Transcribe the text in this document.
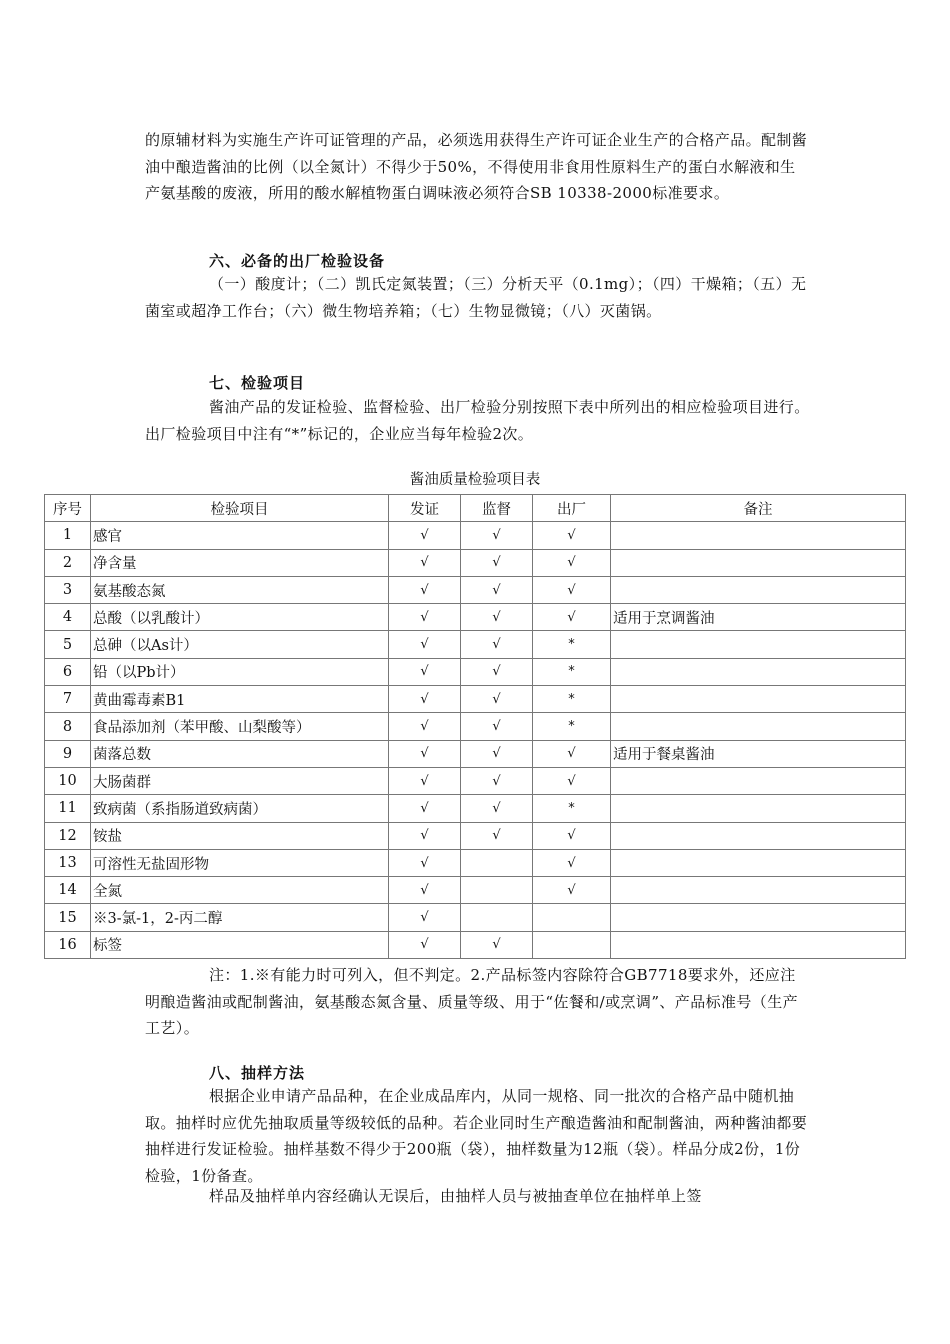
的原辅材料为实施生产许可证管理的产品，必须选用获得生产许可证企业生产的合格产品。配制酱油中酿造酱油的比例（以全氮计）不得少于50%，不得使用非食用性原料生产的蛋白水解液和生产氨基酸的废液，所用的酸水解植物蛋白调味液必须符合SB 10338-2000标准要求。

六、必备的出厂检验设备

（一）酸度计；（二）凯氏定氮装置；（三）分析天平（0.1mg）；（四）干燥箱；（五）无菌室或超净工作台；（六）微生物培养箱；（七）生物显微镜；（八）灭菌锅。

七、检验项目

酱油产品的发证检验、监督检验、出厂检验分别按照下表中所列出的相应检验项目进行。出厂检验项目中注有“*”标记的，企业应当每年检验2次。

酱油质量检验项目表

序号	检验项目	发证	监督	出厂	备注
1	感官	√	√	√	
2	净含量	√	√	√	
3	氨基酸态氮	√	√	√	
4	总酸（以乳酸计）	√	√	√	适用于烹调酱油
5	总砷（以As计）	√	√	*	
6	铅（以Pb计）	√	√	*	
7	黄曲霉毒素B1	√	√	*	
8	食品添加剂（苯甲酸、山梨酸等）	√	√	*	
9	菌落总数	√	√	√	适用于餐桌酱油
10	大肠菌群	√	√	√	
11	致病菌（系指肠道致病菌）	√	√	*	
12	铵盐	√	√	√	
13	可溶性无盐固形物	√		√	
14	全氮	√		√	
15	※3-氯-1，2-丙二醇	√			
16	标签	√	√		

注：1.※有能力时可列入，但不判定。2.产品标签内容除符合GB7718要求外，还应注明酿造酱油或配制酱油，氨基酸态氮含量、质量等级、用于“佐餐和/或烹调”、产品标准号（生产工艺）。

八、抽样方法

根据企业申请产品品种，在企业成品库内，从同一规格、同一批次的合格产品中随机抽取。抽样时应优先抽取质量等级较低的品种。若企业同时生产酿造酱油和配制酱油，两种酱油都要抽样进行发证检验。抽样基数不得少于200瓶（袋），抽样数量为12瓶（袋）。样品分成2份，1份检验，1份备查。

样品及抽样单内容经确认无误后，由抽样人员与被抽查单位在抽样单上签
